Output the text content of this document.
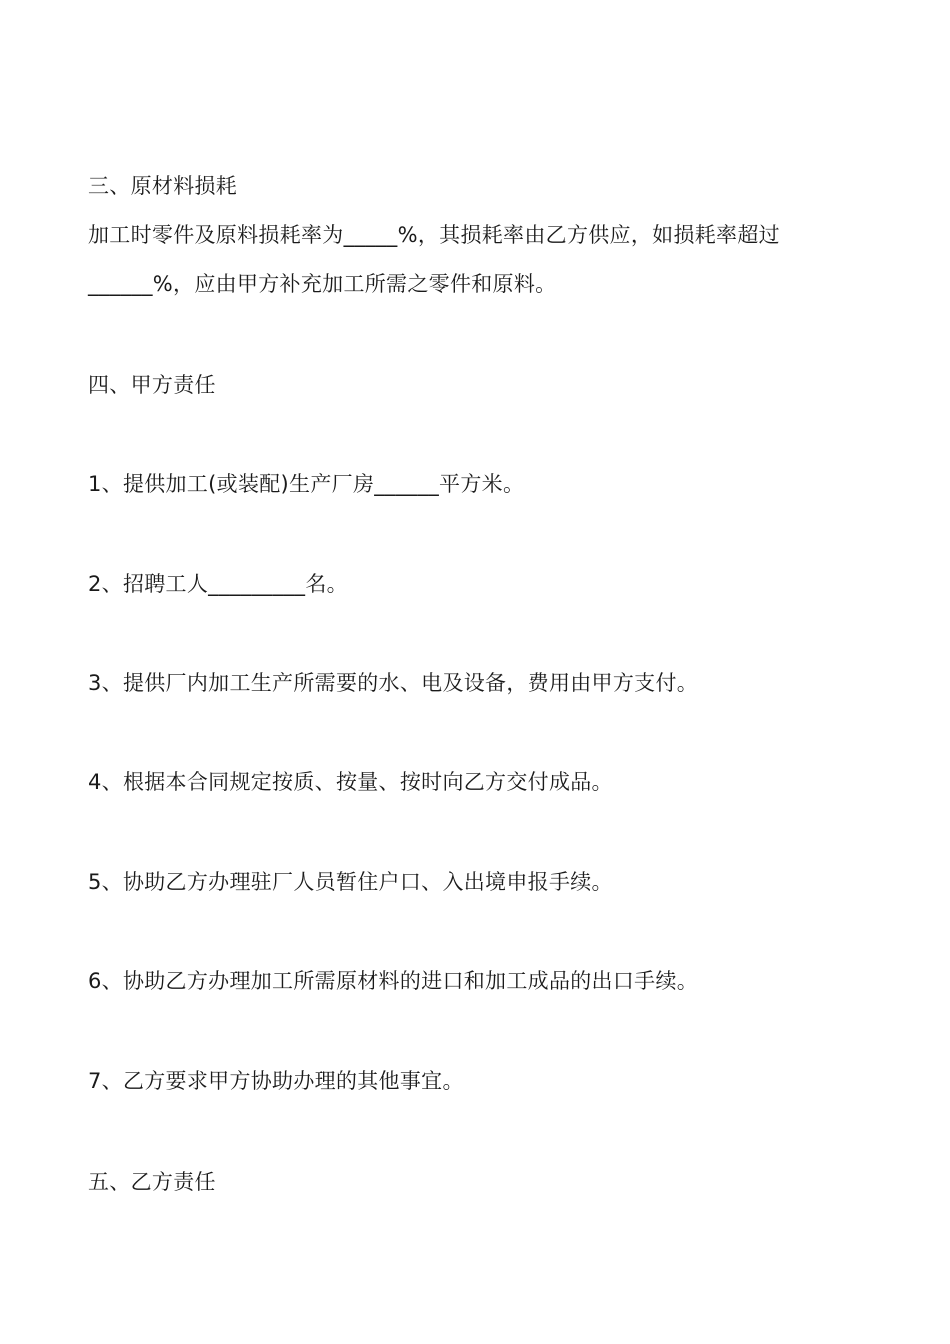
三、原材料损耗

加工时零件及原料损耗率为_____%，其损耗率由乙方供应，如损耗率超过

______%，应由甲方补充加工所需之零件和原料。

四、甲方责任

1、提供加工(或装配)生产厂房______平方米。

2、招聘工人_________名。

3、提供厂内加工生产所需要的水、电及设备，费用由甲方支付。

4、根据本合同规定按质、按量、按时向乙方交付成品。

5、协助乙方办理驻厂人员暂住户口、入出境申报手续。

6、协助乙方办理加工所需原材料的进口和加工成品的出口手续。

7、乙方要求甲方协助办理的其他事宜。

五、乙方责任
